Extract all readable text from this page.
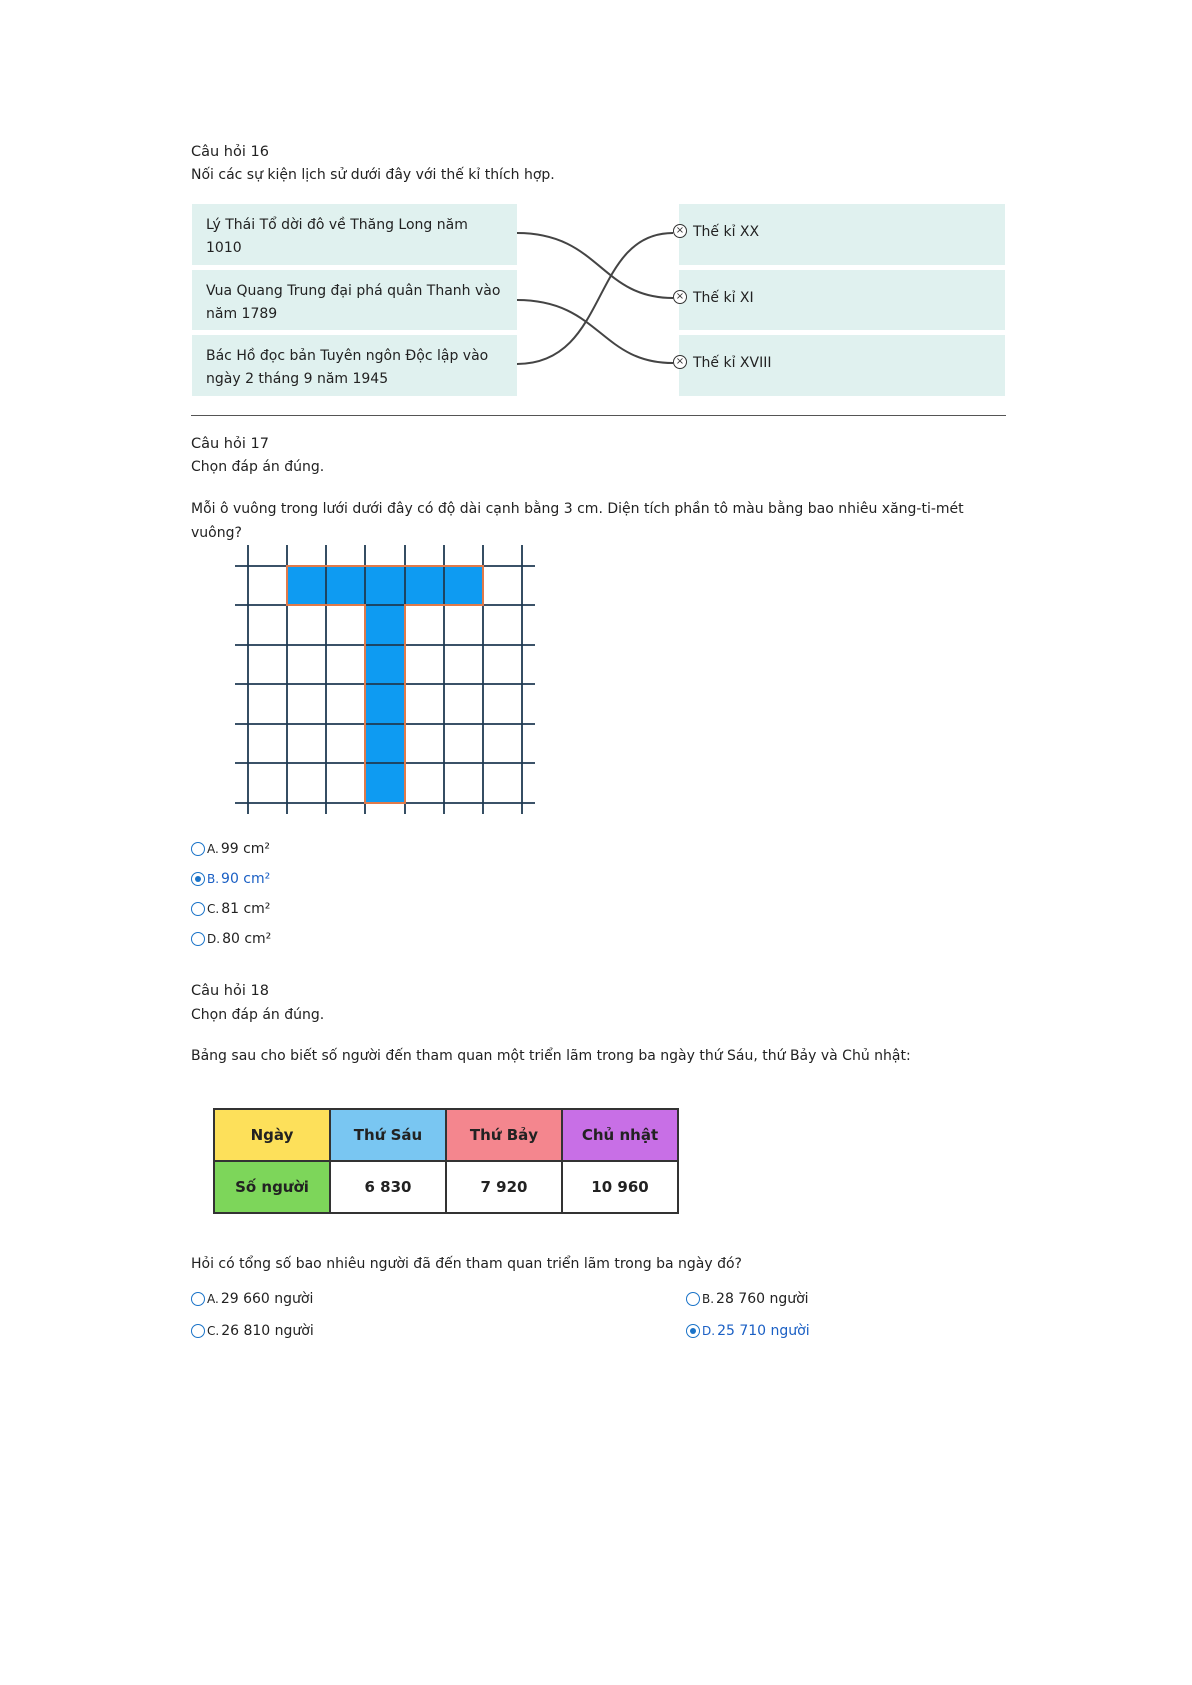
Câu hỏi 16
Nối các sự kiện lịch sử dưới đây với thế kỉ thích hợp.
Lý Thái Tổ dời đô về Thăng Long năm 1010
Vua Quang Trung đại phá quân Thanh vào năm 1789
Bác Hồ đọc bản Tuyên ngôn Độc lập vào ngày 2 tháng 9 năm 1945
× Thế kỉ XX
× Thế kỉ XI
× Thế kỉ XVIII
Câu hỏi 17
Chọn đáp án đúng.
Mỗi ô vuông trong lưới dưới đây có độ dài cạnh bằng 3 cm. Diện tích phần tô màu bằng bao nhiêu xăng-ti-mét vuông?
A. 99 cm²
B. 90 cm²
C. 81 cm²
D. 80 cm²
Câu hỏi 18
Chọn đáp án đúng.
Bảng sau cho biết số người đến tham quan một triển lãm trong ba ngày thứ Sáu, thứ Bảy và Chủ nhật:
Ngày	Thứ Sáu	Thứ Bảy	Chủ nhật
Số người	6 830	7 920	10 960
Hỏi có tổng số bao nhiêu người đã đến tham quan triển lãm trong ba ngày đó?
A. 29 660 người	B. 28 760 người
C. 26 810 người	D. 25 710 người
